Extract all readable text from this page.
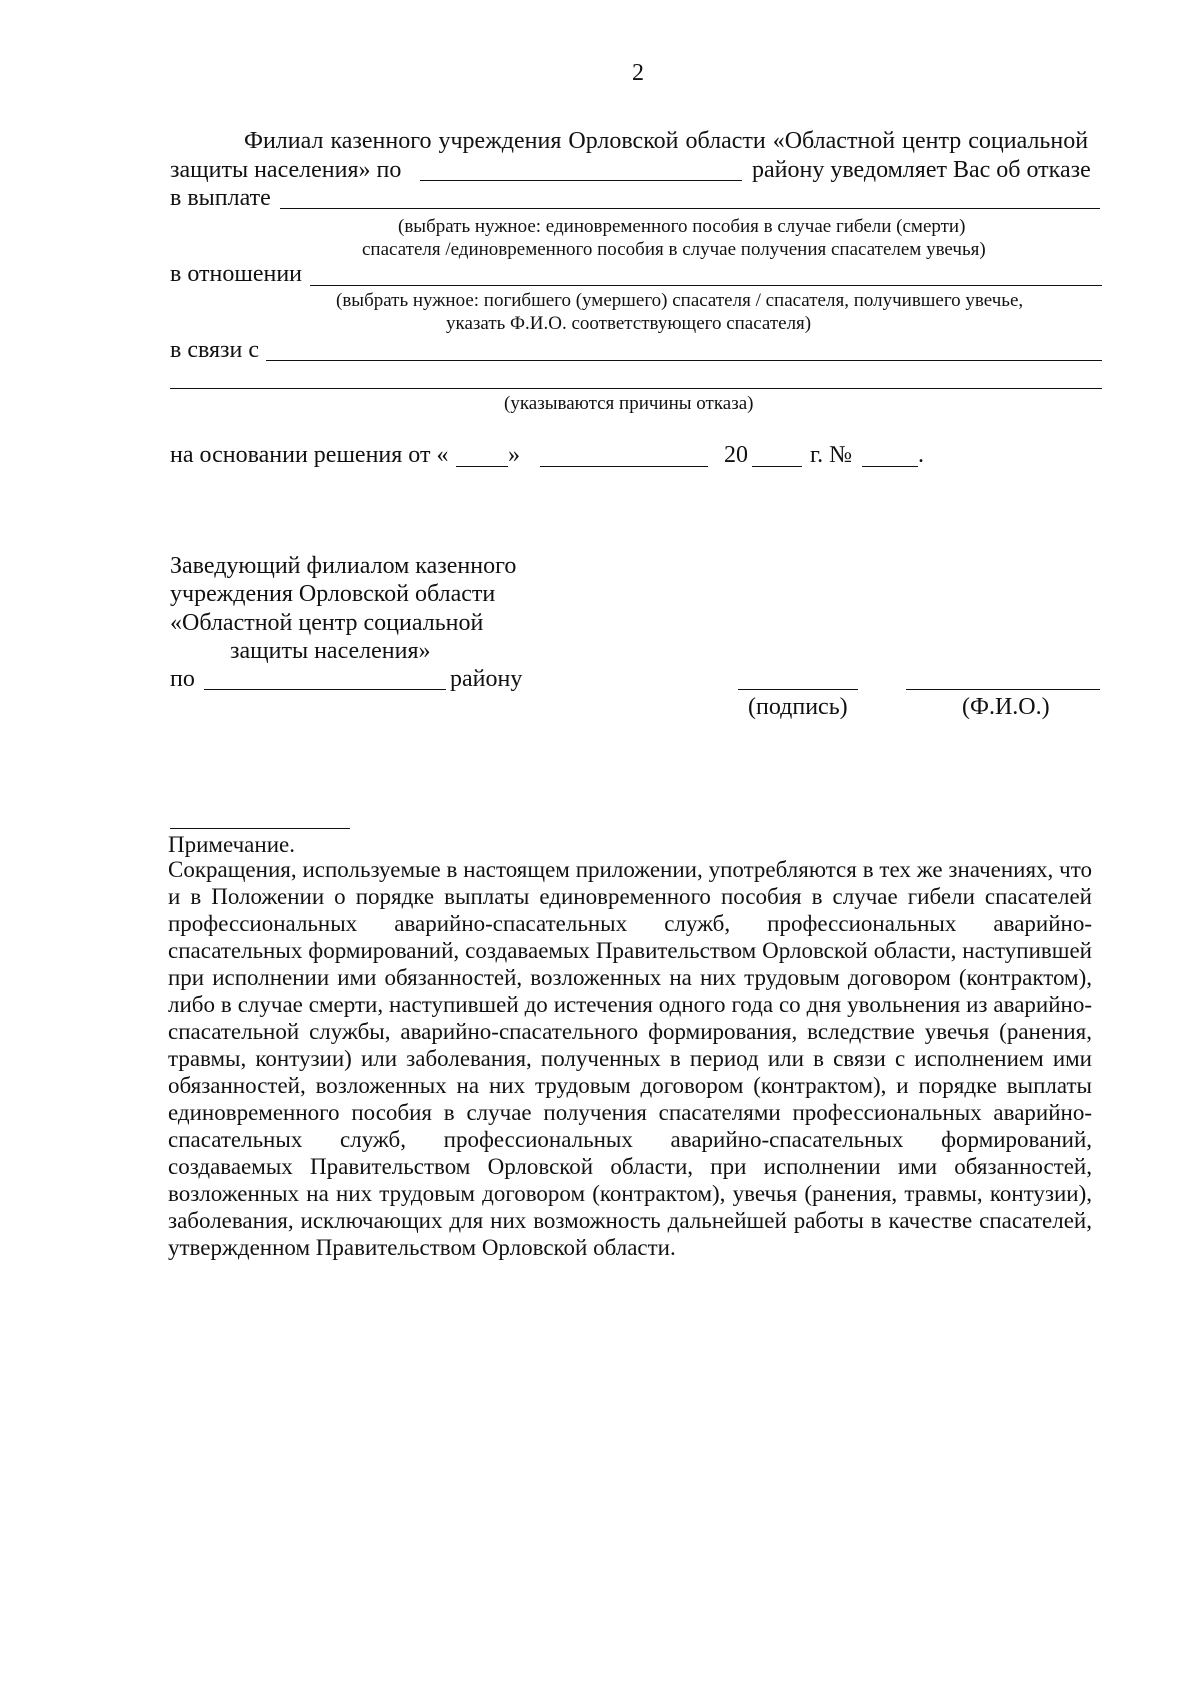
2
Филиал казенного учреждения Орловской области «Областной центр социальной
защиты населения» по	району уведомляет Вас об отказе
в выплате
(выбрать нужное: единовременного пособия в случае гибели (смерти)
спасателя /единовременного пособия в случае получения спасателем увечья)
в отношении
(выбрать нужное: погибшего (умершего) спасателя / спасателя, получившего увечье,
указать Ф.И.О. соответствующего спасателя)
в связи с
(указываются причины отказа)
на основании решения от « »	20	г. №	.
Заведующий филиалом казенного
учреждения Орловской области
«Областной центр социальной
защиты населения»
по	району
(подпись)	(Ф.И.О.)
Примечание.
Сокращения, используемые в настоящем приложении, употребляются в тех же значениях, что и в Положении о порядке выплаты единовременного пособия в случае гибели спасателей профессиональных аварийно-спасательных служб, профессиональных аварийно-спасательных формирований, создаваемых Правительством Орловской области, наступившей при исполнении ими обязанностей, возложенных на них трудовым договором (контрактом), либо в случае смерти, наступившей до истечения одного года со дня увольнения из аварийно-спасательной службы, аварийно-спасательного формирования, вследствие увечья (ранения, травмы, контузии) или заболевания, полученных в период или в связи с исполнением ими обязанностей, возложенных на них трудовым договором (контрактом), и порядке выплаты единовременного пособия в случае получения спасателями профессиональных аварийно-спасательных служб, профессиональных аварийно-спасательных формирований, создаваемых Правительством Орловской области, при исполнении ими обязанностей, возложенных на них трудовым договором (контрактом), увечья (ранения, травмы, контузии), заболевания, исключающих для них возможность дальнейшей работы в качестве спасателей, утвержденном Правительством Орловской области.
